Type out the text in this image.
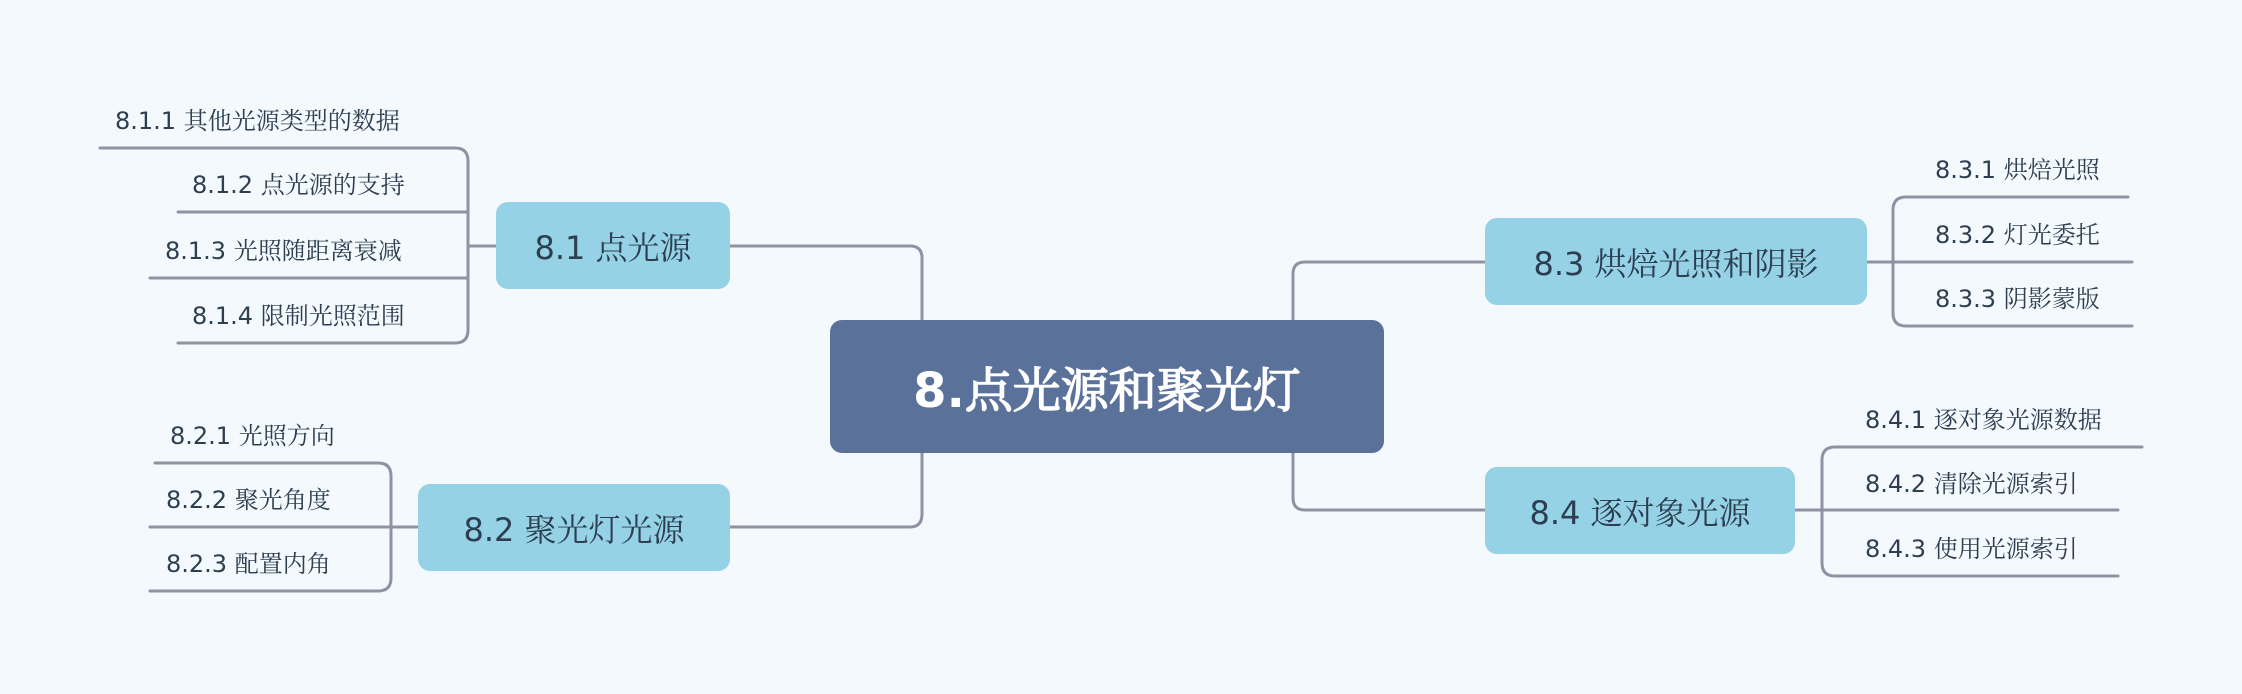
8.点光源和聚光灯
8.1 点光源
8.1.1 其他光源类型的数据
8.1.2 点光源的支持
8.1.3 光照随距离衰减
8.1.4 限制光照范围
8.2 聚光灯光源
8.2.1 光照方向
8.2.2 聚光角度
8.2.3 配置内角
8.3 烘焙光照和阴影
8.3.1 烘焙光照
8.3.2 灯光委托
8.3.3 阴影蒙版
8.4 逐对象光源
8.4.1 逐对象光源数据
8.4.2 清除光源索引
8.4.3 使用光源索引
